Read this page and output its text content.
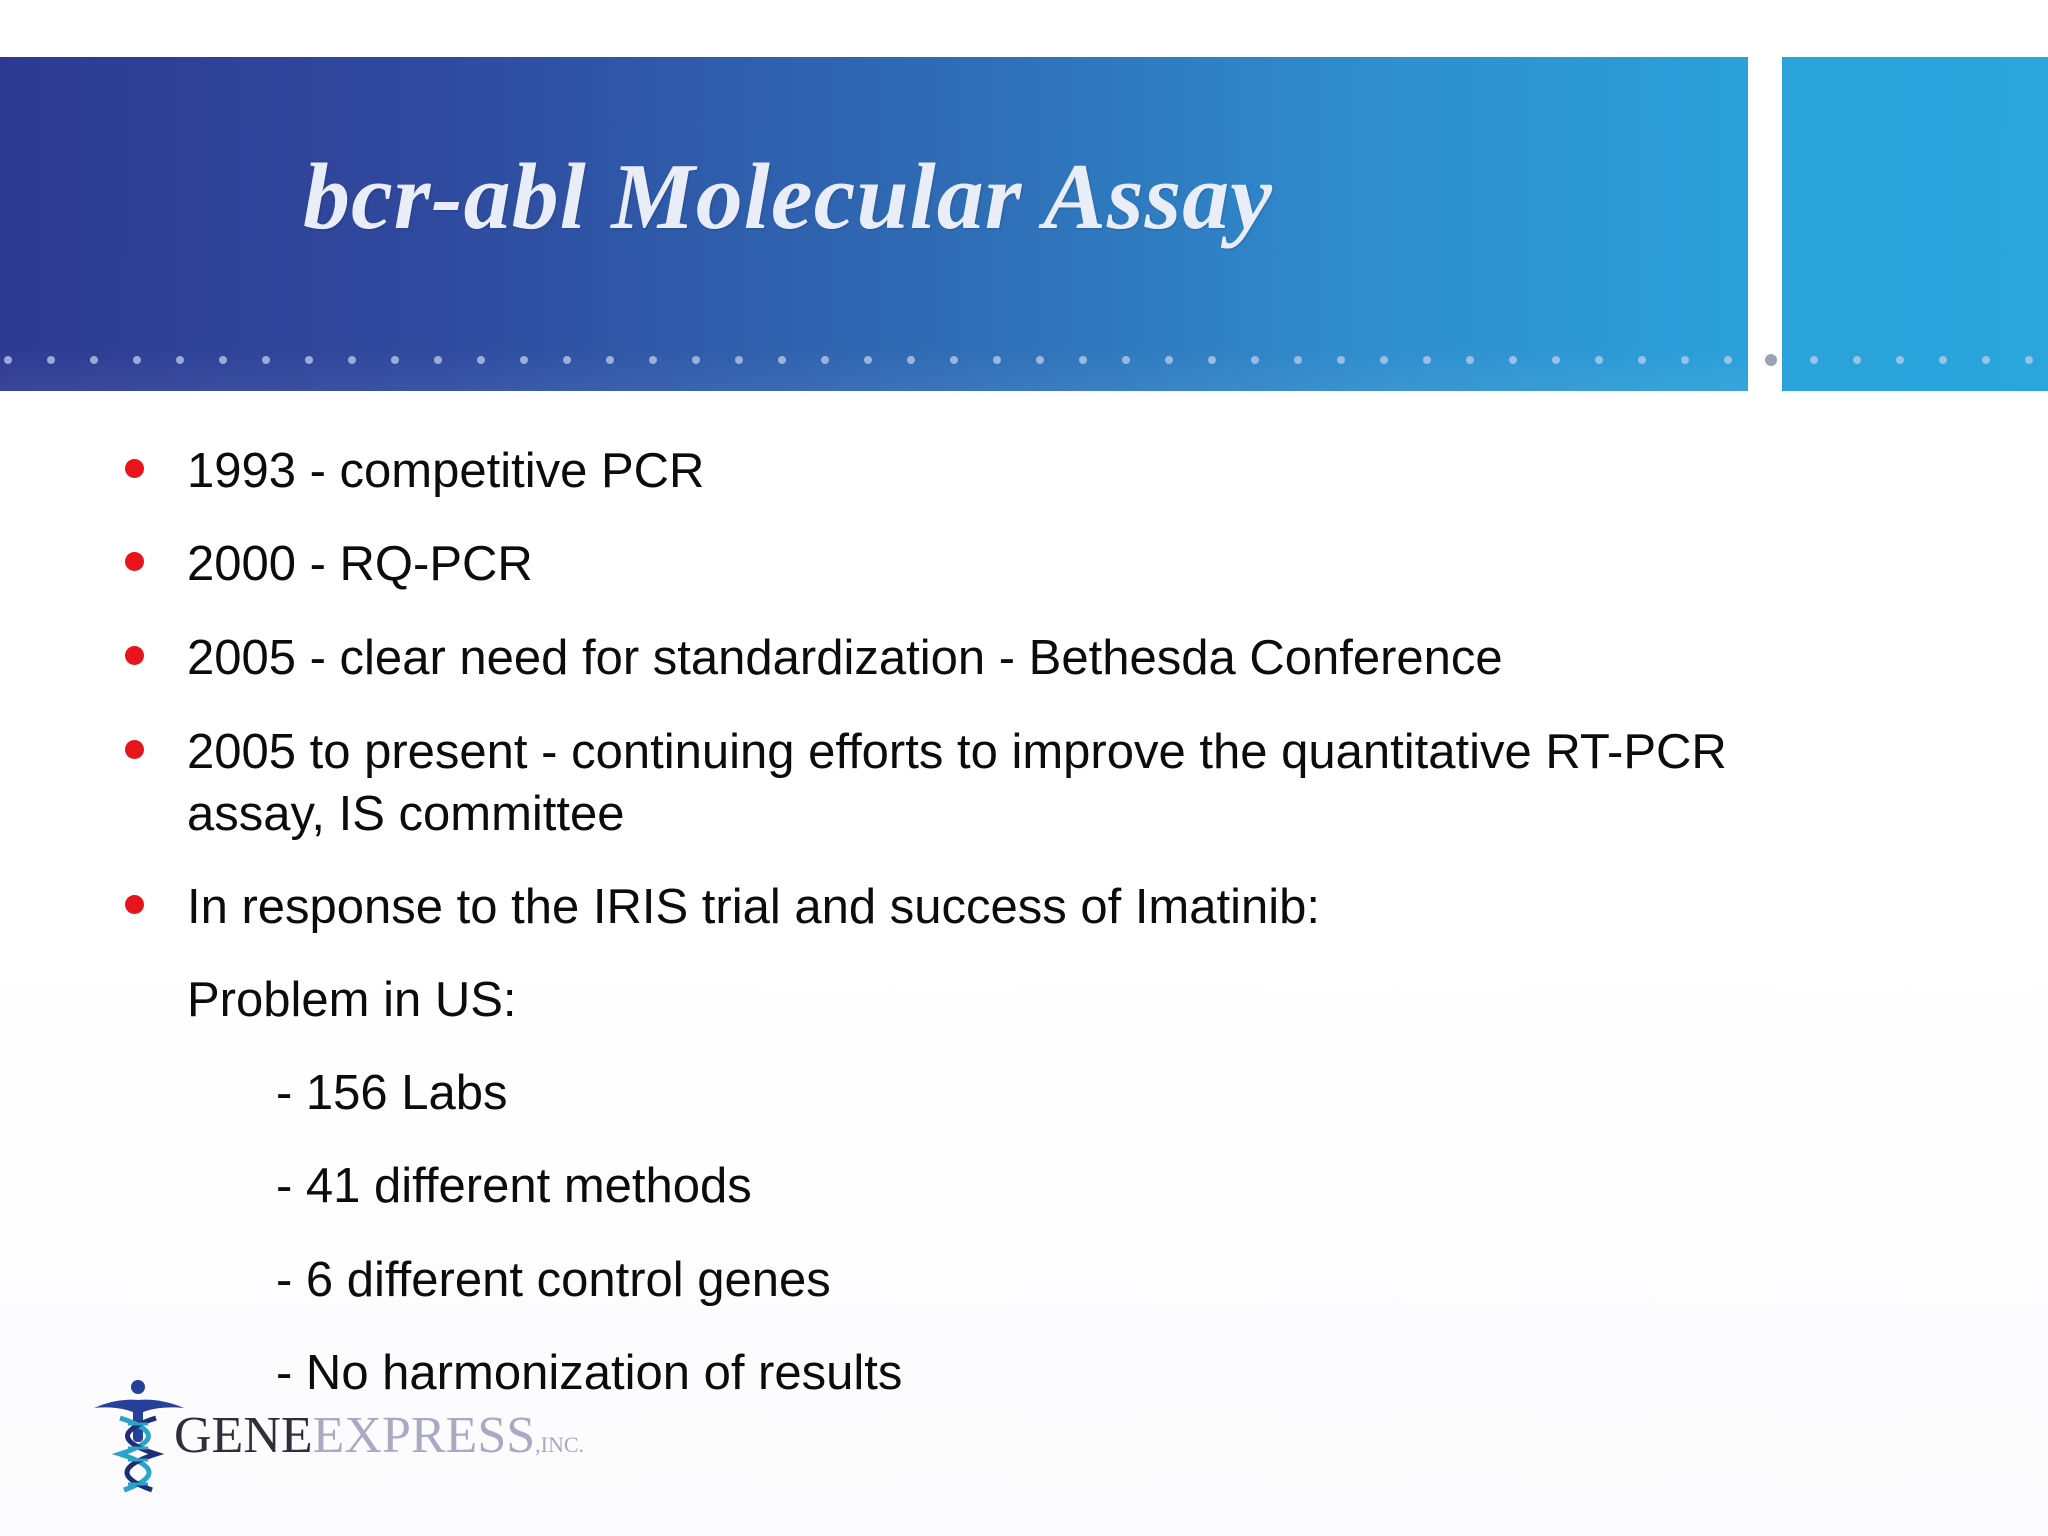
bcr-abl Molecular Assay
1993 - competitive PCR
2000 - RQ-PCR
2005 - clear need for standardization - Bethesda Conference
2005 to present - continuing efforts to improve the quantitative RT-PCR
assay, IS committee
In response to the IRIS trial and success of Imatinib:
Problem in US:
- 156 Labs
- 41 different methods
- 6 different control genes
- No harmonization of results
GENEEXPRESS,INC.
